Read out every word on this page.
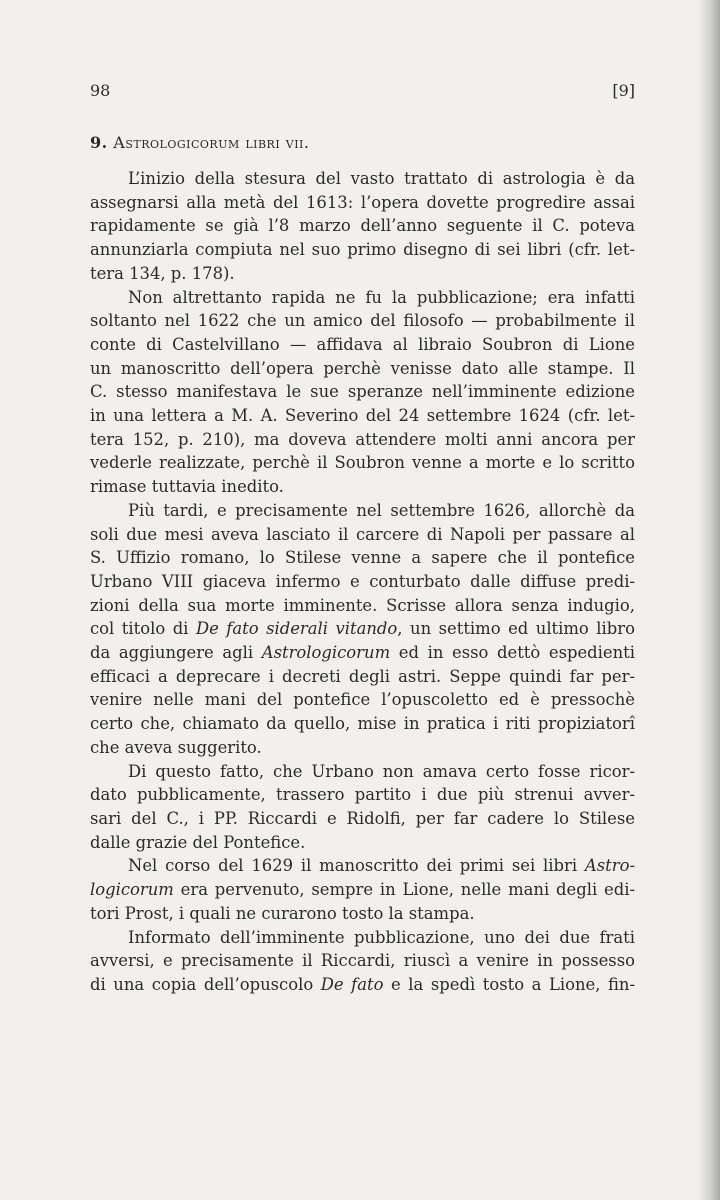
98	[9]
9. Astrologicorum libri vii.

L’inizio della stesura del vasto trattato di astrologia è da
assegnarsi alla metà del 1613: l’opera dovette progredire assai
rapidamente se già l’8 marzo dell’anno seguente il C. poteva
annunziarla compiuta nel suo primo disegno di sei libri (cfr. let-
tera 134, p. 178).

Non altrettanto rapida ne fu la pubblicazione; era infatti
soltanto nel 1622 che un amico del filosofo — probabilmente il
conte di Castelvillano — affidava al libraio Soubron di Lione
un manoscritto dell’opera perchè venisse dato alle stampe. Il
C. stesso manifestava le sue speranze nell’imminente edizione
in una lettera a M. A. Severino del 24 settembre 1624 (cfr. let-
tera 152, p. 210), ma doveva attendere molti anni ancora per
vederle realizzate, perchè il Soubron venne a morte e lo scritto
rimase tuttavia inedito.

Più tardi, e precisamente nel settembre 1626, allorchè da
soli due mesi aveva lasciato il carcere di Napoli per passare al
S. Uffizio romano, lo Stilese venne a sapere che il pontefice
Urbano VIII giaceva infermo e conturbato dalle diffuse predi-
zioni della sua morte imminente. Scrisse allora senza indugio,
col titolo di De fato siderali vitando, un settimo ed ultimo libro
da aggiungere agli Astrologicorum ed in esso dettò espedienti
efficaci a deprecare i decreti degli astri. Seppe quindi far per-
venire nelle mani del pontefice l’opuscoletto ed è pressochè
certo che, chiamato da quello, mise in pratica i riti propiziatorî
che aveva suggerito.

Di questo fatto, che Urbano non amava certo fosse ricor-
dato pubblicamente, trassero partito i due più strenui avver-
sari del C., i PP. Riccardi e Ridolfi, per far cadere lo Stilese
dalle grazie del Pontefice.

Nel corso del 1629 il manoscritto dei primi sei libri Astro-
logicorum era pervenuto, sempre in Lione, nelle mani degli edi-
tori Prost, i quali ne curarono tosto la stampa.

Informato dell’imminente pubblicazione, uno dei due frati
avversi, e precisamente il Riccardi, riuscì a venire in possesso
di una copia dell’opuscolo De fato e la spedì tosto a Lione, fin-
